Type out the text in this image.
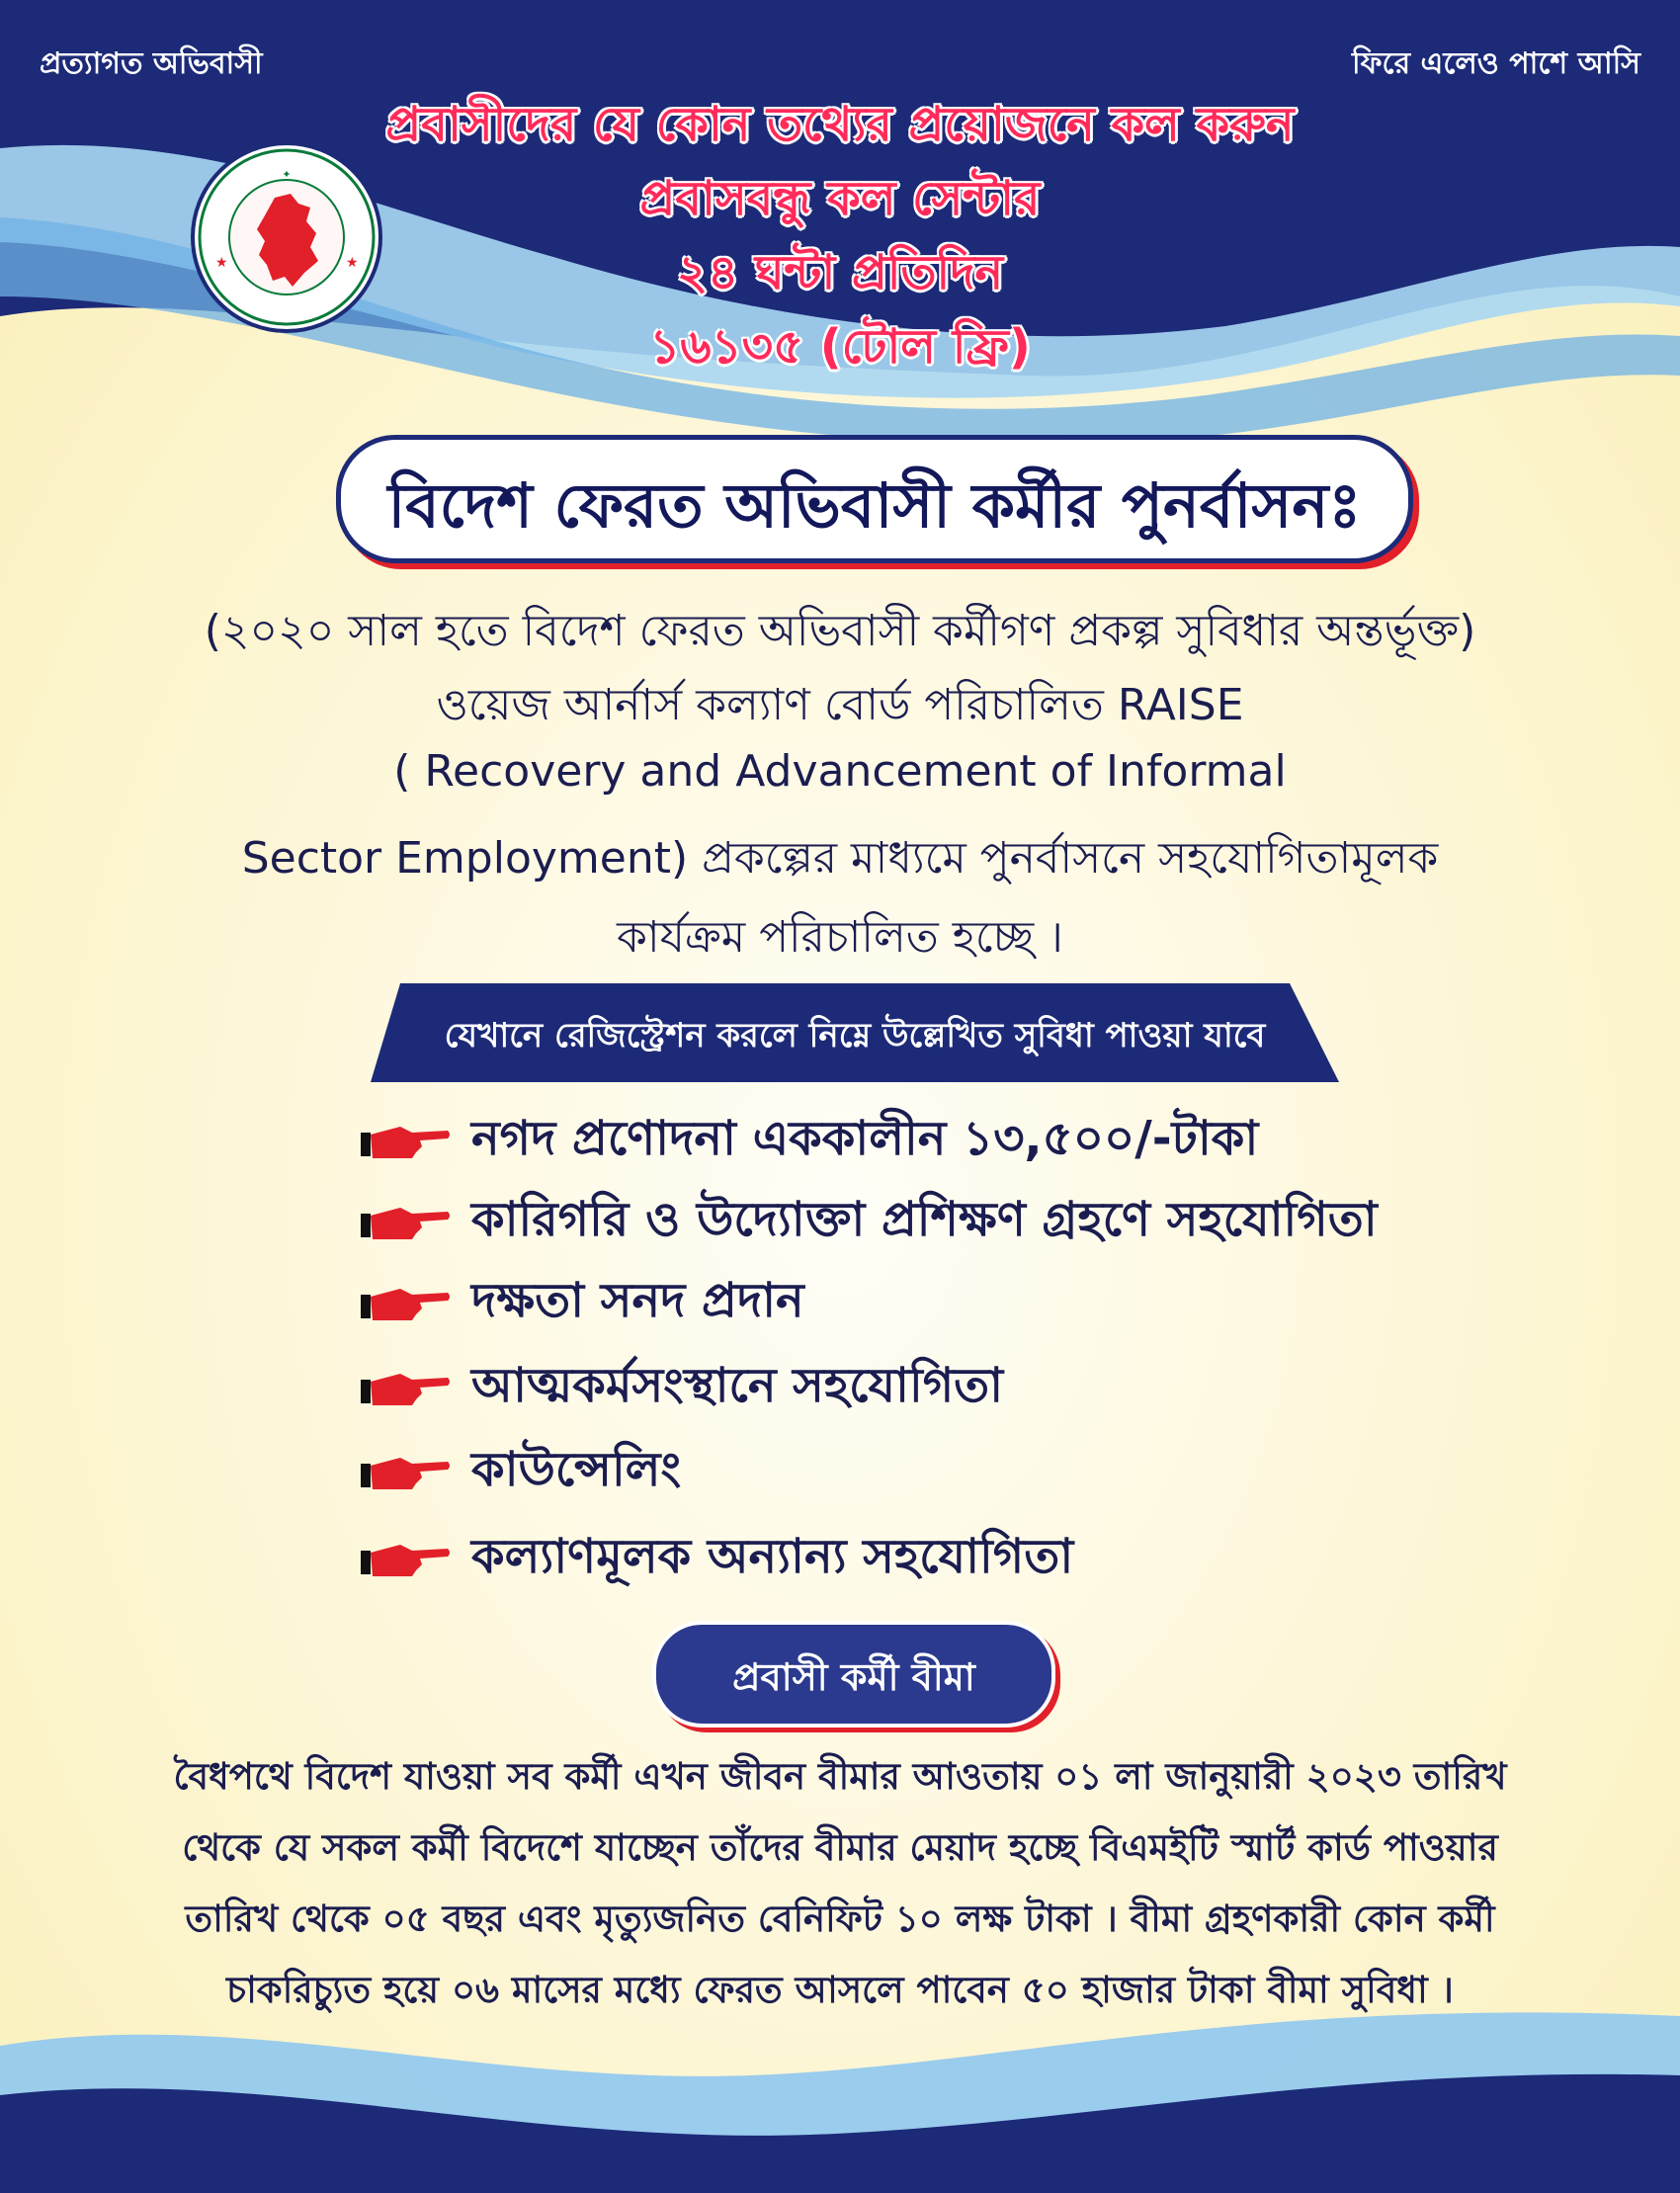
প্রত্যাগত অভিবাসী	ফিরে এলেও পাশে আসি
✦
★	★
প্রবাসীদের যে কোন তথ্যের প্রয়োজনে কল করুন
প্রবাসবন্ধু কল সেন্টার
২৪ ঘন্টা প্রতিদিন
১৬১৩৫ (টোল ফ্রি)
বিদেশ ফেরত অভিবাসী কর্মীর পুনর্বাসনঃ
(২০২০ সাল হতে বিদেশ ফেরত অভিবাসী কর্মীগণ প্রকল্প সুবিধার অন্তর্ভূক্ত)
ওয়েজ আর্নার্স কল্যাণ বোর্ড পরিচালিত RAISE
( Recovery and Advancement of Informal
Sector Employment) প্রকল্পের মাধ্যমে পুনর্বাসনে সহযোগিতামূলক
কার্যক্রম পরিচালিত হচ্ছে ।
যেখানে রেজিস্ট্রেশন করলে নিম্নে উল্লেখিত সুবিধা পাওয়া যাবে
নগদ প্রণোদনা এককালীন ১৩,৫০০/-টাকা
কারিগরি ও উদ্যোক্তা প্রশিক্ষণ গ্রহণে সহযোগিতা
দক্ষতা সনদ প্রদান
আত্মকর্মসংস্থানে সহযোগিতা
কাউন্সেলিং
কল্যাণমূলক অন্যান্য সহযোগিতা
প্রবাসী কর্মী বীমা
বৈধপথে বিদেশ যাওয়া সব কর্মী এখন জীবন বীমার আওতায় ০১ লা জানুয়ারী ২০২৩ তারিখ
থেকে যে সকল কর্মী বিদেশে যাচ্ছেন তাঁদের বীমার মেয়াদ হচ্ছে বিএমইটি স্মার্ট কার্ড পাওয়ার
তারিখ থেকে ০৫ বছর এবং মৃত্যুজনিত বেনিফিট ১০ লক্ষ টাকা । বীমা গ্রহণকারী কোন কর্মী
চাকরিচ্যুত হয়ে ০৬ মাসের মধ্যে ফেরত আসলে পাবেন ৫০ হাজার টাকা বীমা সুবিধা ।
